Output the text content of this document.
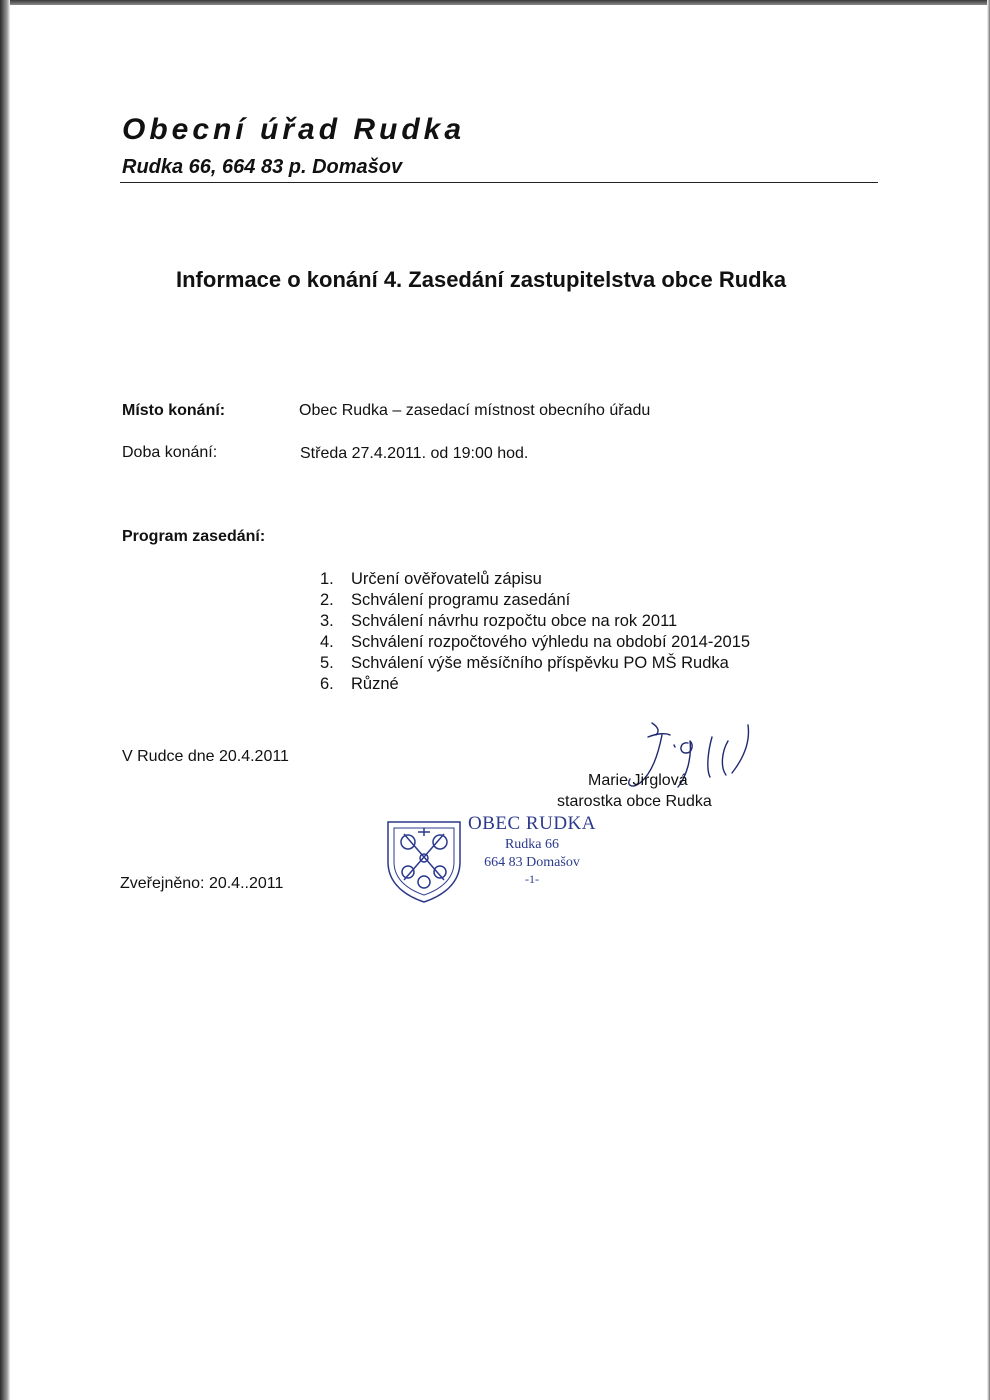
Obecní úřad Rudka
Rudka 66, 664 83 p. Domašov
Informace o konání 4. Zasedání zastupitelstva obce Rudka
Místo konání:	Obec Rudka – zasedací místnost obecního úřadu
Doba konání:	Středa 27.4.2011. od 19:00 hod.
Program zasedání:
1.	Určení ověřovatelů zápisu
2.	Schválení programu zasedání
3.	Schválení návrhu rozpočtu obce na rok 2011
4.	Schválení rozpočtového výhledu na období 2014-2015
5.	Schválení výše měsíčního příspěvku PO MŠ Rudka
6.	Různé
V Rudce dne 20.4.2011
Marie Jirglová
starostka obce Rudka
OBEC RUDKA
Rudka 66
664 83 Domašov
-1-
Zveřejněno: 20.4..2011
